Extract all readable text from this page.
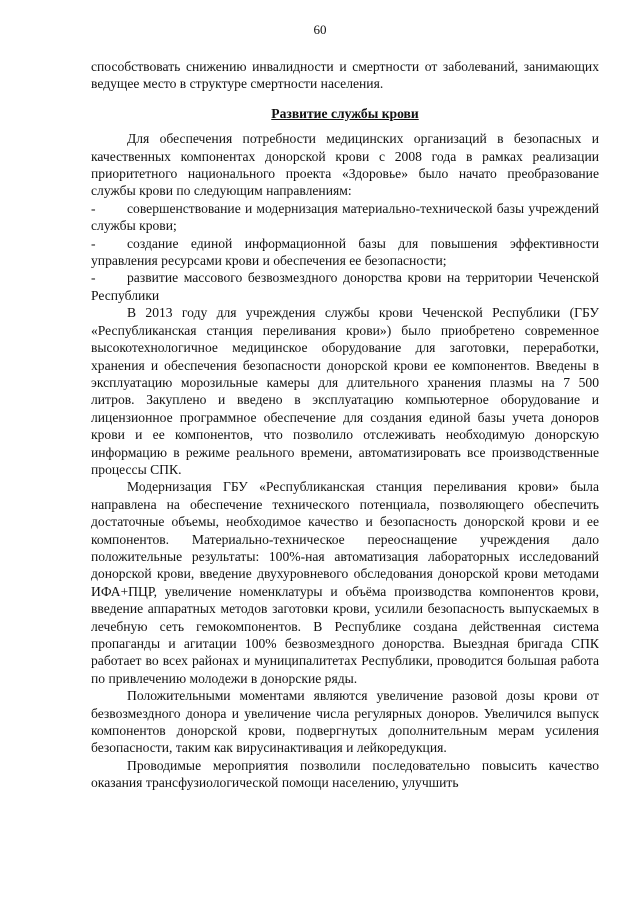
60

способствовать снижению инвалидности и смертности от заболеваний, занимающих ведущее место в структуре смертности населения.

Развитие службы крови

Для обеспечения потребности медицинских организаций в безопасных и качественных компонентах донорской крови с 2008 года в рамках реализации приоритетного национального проекта «Здоровье» было начато преобразование службы крови по следующим направлениям:

-	совершенствование и модернизация материально-технической базы учреждений службы крови;
-	создание единой информационной базы для повышения эффективности управления ресурсами крови и обеспечения ее безопасности;
-	развитие массового безвозмездного донорства крови на территории Чеченской Республики

В 2013 году для учреждения службы крови Чеченской Республики (ГБУ «Республиканская станция переливания крови») было приобретено современное высокотехнологичное медицинское оборудование для заготовки, переработки, хранения и обеспечения безопасности донорской крови ее компонентов. Введены в эксплуатацию морозильные камеры для длительного хранения плазмы на 7 500 литров. Закуплено и введено в эксплуатацию компьютерное оборудование и лицензионное программное обеспечение для создания единой базы учета доноров крови и ее компонентов, что позволило отслеживать необходимую донорскую информацию в режиме реального времени, автоматизировать все производственные процессы СПК.

Модернизация ГБУ «Республиканская станция переливания крови» была направлена на обеспечение технического потенциала, позволяющего обеспечить достаточные объемы, необходимое качество и безопасность донорской крови и ее компонентов. Материально-техническое переоснащение учреждения дало положительные результаты: 100%-ная автоматизация лабораторных исследований донорской крови, введение двухуровневого обследования донорской крови методами ИФА+ПЦР, увеличение номенклатуры и объёма производства компонентов крови, введение аппаратных методов заготовки крови, усилили безопасность выпускаемых в лечебную сеть гемокомпонентов. В Республике создана действенная система пропаганды и агитации 100% безвозмездного донорства. Выездная бригада СПК работает во всех районах и муниципалитетах Республики, проводится большая работа по привлечению молодежи в донорские ряды.

Положительными моментами являются увеличение разовой дозы крови от безвозмездного донора и увеличение числа регулярных доноров. Увеличился выпуск компонентов донорской крови, подвергнутых дополнительным мерам усиления безопасности, таким как вирусинактивация и лейкоредукция.

Проводимые мероприятия позволили последовательно повысить качество оказания трансфузиологической помощи населению, улучшить
